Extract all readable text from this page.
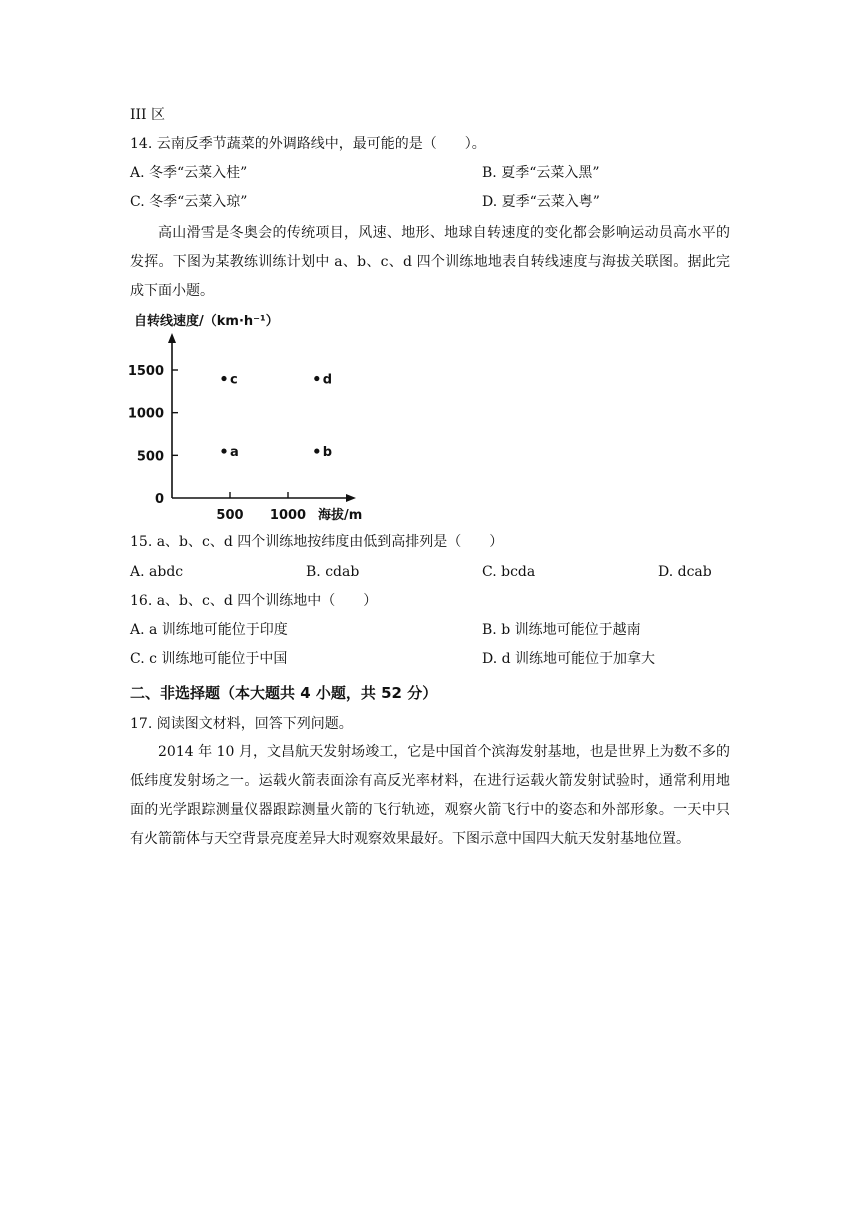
III 区
14. 云南反季节蔬菜的外调路线中，最可能的是（　　）。
A. 冬季“云菜入桂”	B. 夏季“云菜入黑”
C. 冬季“云菜入琼”	D. 夏季“云菜入粤”
高山滑雪是冬奥会的传统项目，风速、地形、地球自转速度的变化都会影响运动员高水平的发挥。下图为某教练训练计划中 a、b、c、d 四个训练地地表自转线速度与海拔关联图。据此完成下面小题。
自转线速度/（km·h⁻¹）
海拔/m
0
500
1000
1500
500 1000
a	b
c	d
15. a、b、c、d 四个训练地按纬度由低到高排列是（　　）
A. abdc	B. cdab	C. bcda	D. dcab
16. a、b、c、d 四个训练地中（　　）
A. a 训练地可能位于印度	B. b 训练地可能位于越南
C. c 训练地可能位于中国	D. d 训练地可能位于加拿大
二、非选择题（本大题共 4 小题，共 52 分）
17. 阅读图文材料，回答下列问题。
2014 年 10 月，文昌航天发射场竣工，它是中国首个滨海发射基地，也是世界上为数不多的低纬度发射场之一。运载火箭表面涂有高反光率材料，在进行运载火箭发射试验时，通常利用地面的光学跟踪测量仪器跟踪测量火箭的飞行轨迹，观察火箭飞行中的姿态和外部形象。一天中只有火箭箭体与天空背景亮度差异大时观察效果最好。下图示意中国四大航天发射基地位置。
